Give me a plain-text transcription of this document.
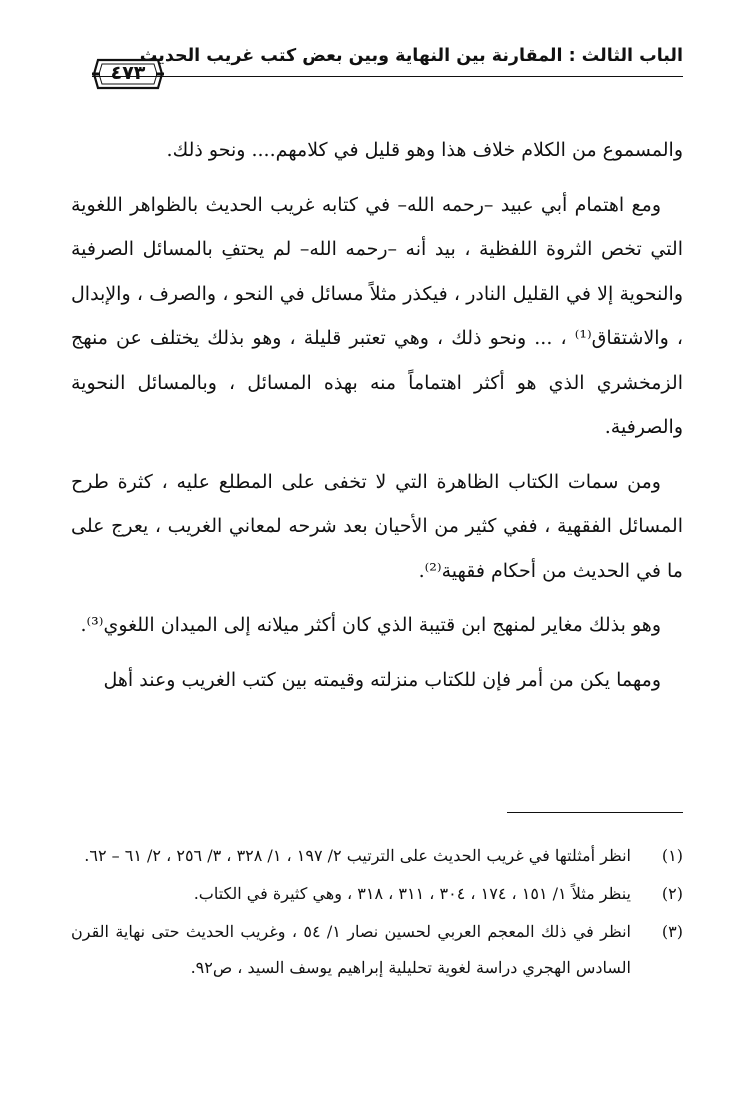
الباب الثالث : المقارنة بين النهاية وبين بعض كتب غريب الحديث
٤٧٣

والمسموع من الكلام خلاف هذا وهو قليل في كلامهم.... ونحو ذلك.

ومع اهتمام أبي عبيد –رحمه الله– في كتابه غريب الحديث بالظواهر اللغوية التي تخص الثروة اللفظية ، بيد أنه –رحمه الله– لم يحتفِ بالمسائل الصرفية والنحوية إلا في القليل النادر ، فيكذر مثلاً مسائل في النحو ، والصرف ، والإبدال ، والاشتقاق⁽¹⁾ ، ... ونحو ذلك ، وهي تعتبر قليلة ، وهو بذلك يختلف عن منهج الزمخشري الذي هو أكثر اهتماماً منه بهذه المسائل ، وبالمسائل النحوية والصرفية.

ومن سمات الكتاب الظاهرة التي لا تخفى على المطلع عليه ، كثرة طرح المسائل الفقهية ، ففي كثير من الأحيان بعد شرحه لمعاني الغريب ، يعرج على ما في الحديث من أحكام فقهية⁽²⁾.

وهو بذلك مغاير لمنهج ابن قتيبة الذي كان أكثر ميلانه إلى الميدان اللغوي⁽³⁾.

ومهما يكن من أمر فإن للكتاب منزلته وقيمته بين كتب الغريب وعند أهل

(١)
انظر أمثلتها في غريب الحديث على الترتيب ٢/ ١٩٧ ، ١/ ٣٢٨ ، ٣/ ٢٥٦ ، ٢/ ٦١ – ٦٢.
(٢)
ينظر مثلاً ١/ ١٥١ ، ١٧٤ ، ٣٠٤ ، ٣١١ ، ٣١٨ ، وهي كثيرة في الكتاب.
(٣)
انظر في ذلك المعجم العربي لحسين نصار ١/ ٥٤ ، وغريب الحديث حتى نهاية القرن السادس الهجري دراسة لغوية تحليلية إبراهيم يوسف السيد ، ص٩٢.
